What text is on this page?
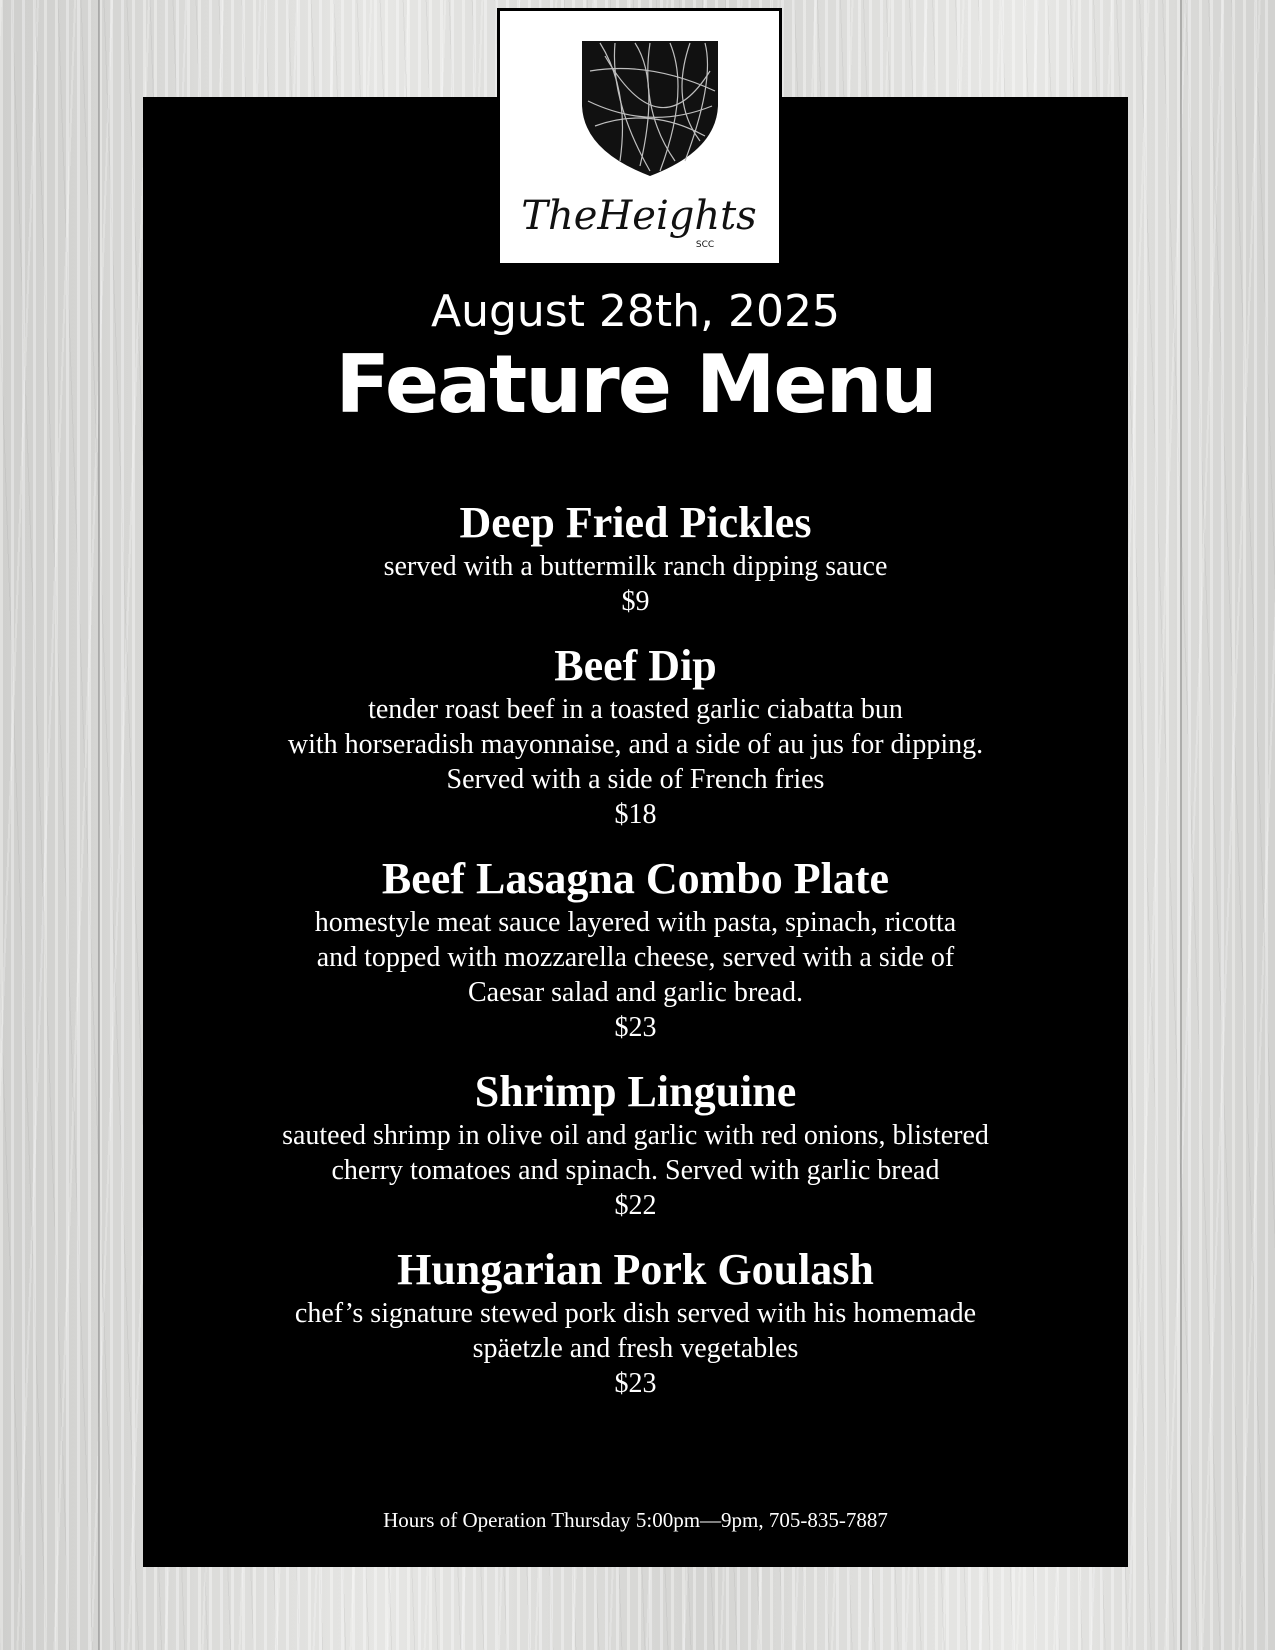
TheHeights
SCC
August 28th, 2025
Feature Menu
Deep Fried Pickles
served with a buttermilk ranch dipping sauce
$9
Beef Dip
tender roast beef in a toasted garlic ciabatta bun
with horseradish mayonnaise, and a side of au jus for dipping.
Served with a side of French fries
$18
Beef Lasagna Combo Plate
homestyle meat sauce layered with pasta, spinach, ricotta
and topped with mozzarella cheese, served with a side of
Caesar salad and garlic bread.
$23
Shrimp Linguine
sauteed shrimp in olive oil and garlic with red onions, blistered
cherry tomatoes and spinach. Served with garlic bread
$22
Hungarian Pork Goulash
chef’s signature stewed pork dish served with his homemade
späetzle and fresh vegetables
$23
Hours of Operation Thursday 5:00pm—9pm, 705-835-7887
